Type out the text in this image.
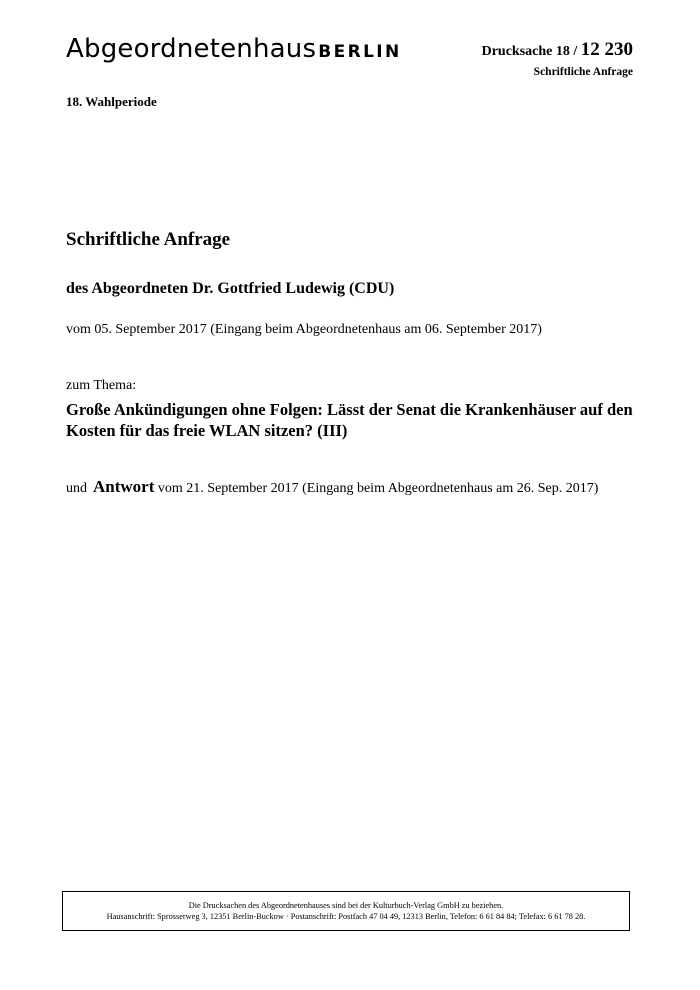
Abgeordnetenhaus BERLIN	Drucksache 18 / 12 230
Schriftliche Anfrage
18. Wahlperiode
Schriftliche Anfrage
des Abgeordneten Dr. Gottfried Ludewig (CDU)
vom 05. September 2017 (Eingang beim Abgeordnetenhaus am 06. September 2017)
zum Thema:
Große Ankündigungen ohne Folgen: Lässt der Senat die Krankenhäuser auf den Kosten für das freie WLAN sitzen? (III)
und Antwort vom 21. September 2017 (Eingang beim Abgeordnetenhaus am 26. Sep. 2017)
Die Drucksachen des Abgeordnetenhauses sind bei der Kulturbuch-Verlag GmbH zu beziehen.
Hausanschrift: Sprosserweg 3, 12351 Berlin-Buckow · Postanschrift: Postfach 47 04 49, 12313 Berlin, Telefon: 6 61 84 84; Telefax: 6 61 78 28.
